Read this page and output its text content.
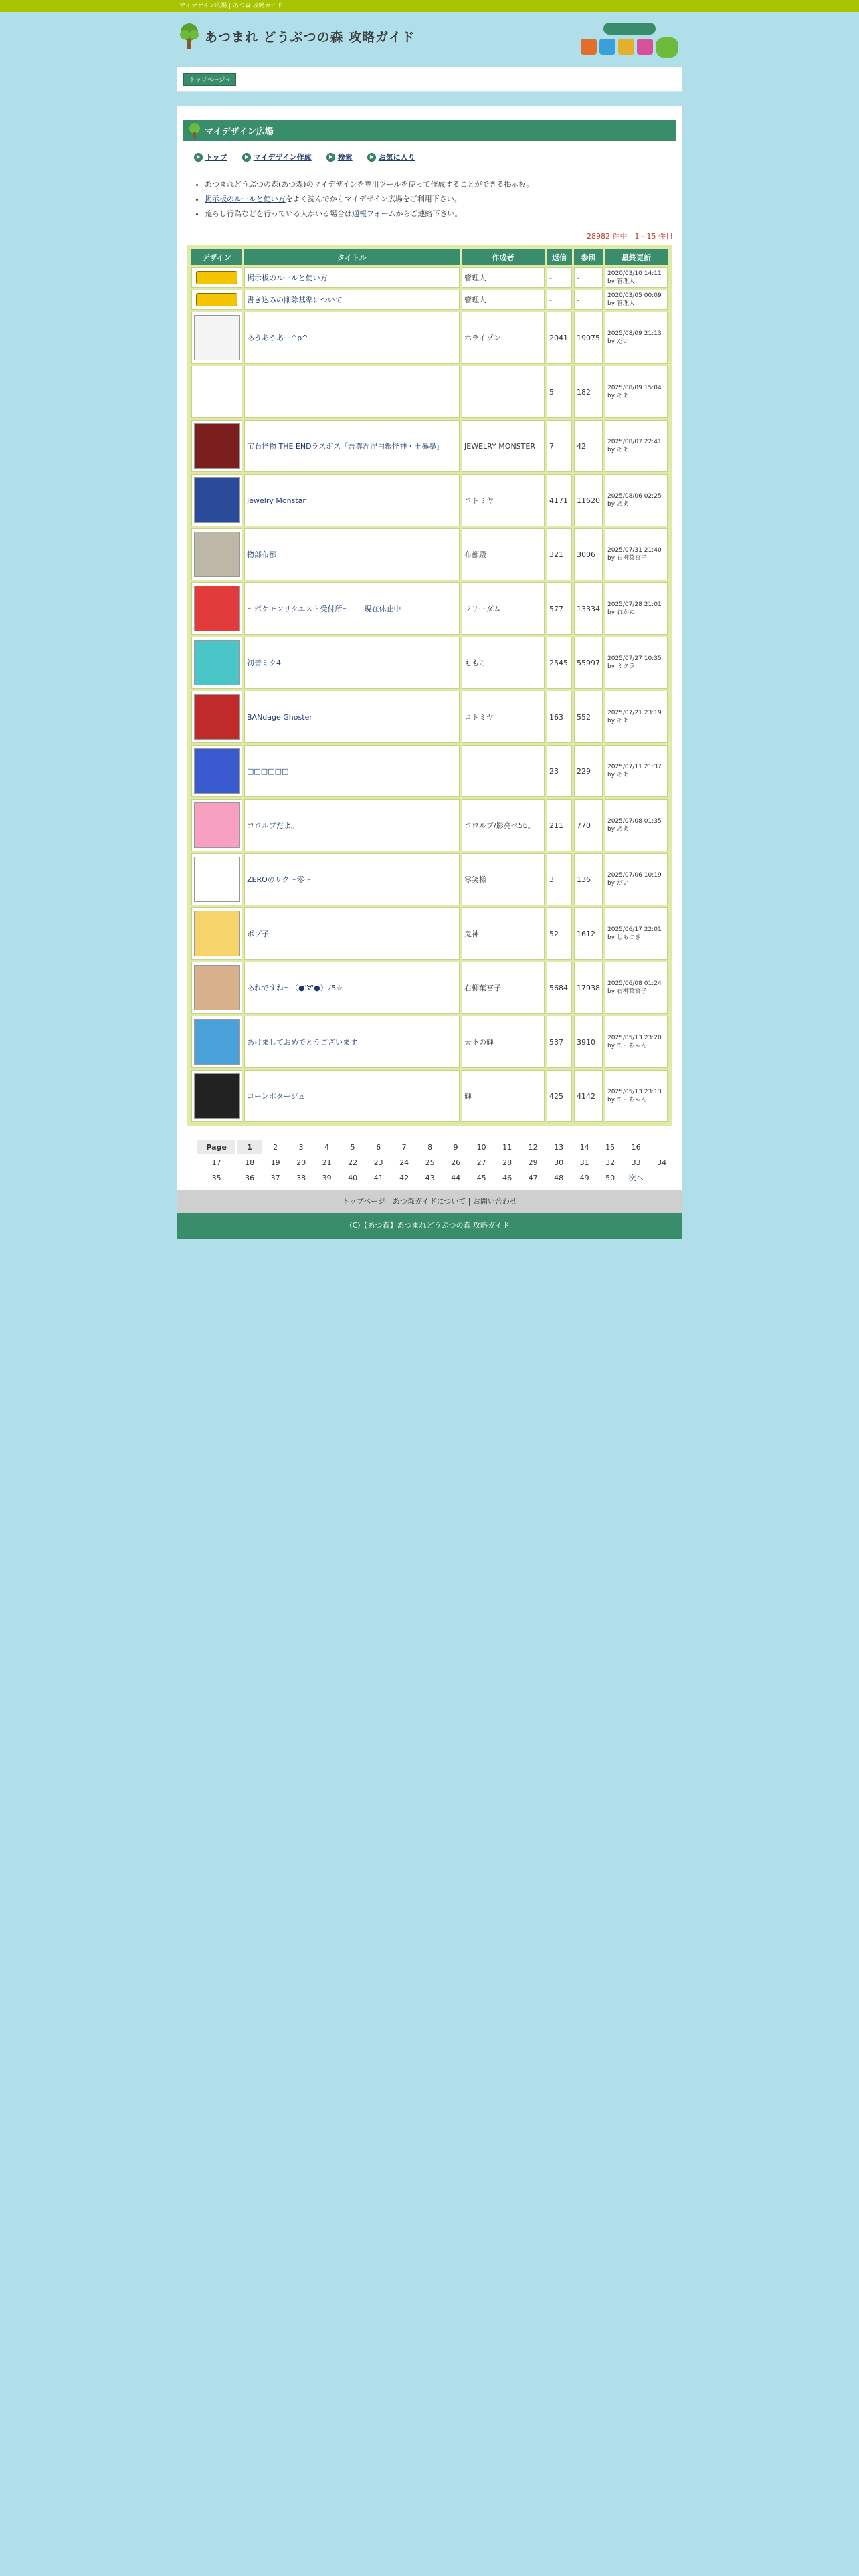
マイデザイン広場 | あつ森 攻略ガイド
あつまれ どうぶつの森 攻略ガイド
トップページ→
マイデザイン広場
トップ	マイデザイン作成	検索	お気に入り
• あつまれどうぶつの森(あつ森)のマイデザインを専用ツールを使って作成することができる掲示板。
• 掲示板のルールと使い方をよく読んでからマイデザイン広場をご利用下さい。
• 荒らし行為などを行っている人がいる場合は通報フォームからご連絡下さい。
28982 件中　1 - 15 件目
デザイン	タイトル	作成者	返信	参照	最終更新

	掲示板のルールと使い方	管理人	-	-	2020/03/10 14:11
by 管理人

	書き込みの削除基準について	管理人	-	-	2020/03/05 00:09
by 管理人

	あうあうあー^p^	ホライゾン	2041	19075	2025/08/09 21:13
by だい

			5	182	2025/08/09 15:04
by ああ

	宝石怪物 THE ENDラスボス「吾尊涅涅白銀怪神・王暴暴」	JEWELRY MONSTER	7	42	2025/08/07 22:41
by ああ

	Jewelry Monstar	コトミヤ	4171	11620	2025/08/06 02:25
by ああ

	物部布都	布都殿	321	3006	2025/07/31 21:40
by 右柳葉宮子

	〜ポケモンリクエスト受付所〜　　現在休止中	フリーダム	577	13334	2025/07/28 21:01
by れかぬ

	初音ミク4	ももこ	2545	55997	2025/07/27 10:35
by ミクラ

	BANdage Ghoster	コトミヤ	163	552	2025/07/21 23:19
by ああ

	□□□□□□		23	229	2025/07/11 21:37
by ああ

	コロルプだよ。	コロルプ/影亮ペ56。	211	770	2025/07/08 01:35
by ああ

	ZEROのリク〜零〜	零笑様	3	136	2025/07/06 10:19
by だい

	ポプ子	鬼神	52	1612	2025/06/17 22:01
by しもつき

	あれですね〜（●'∀'●）ﾉ5☆	右柳葉宮子	5684	17938	2025/06/08 01:24
by 右柳葉宮子

	あけましておめでとうございます	天下の輝	537	3910	2025/05/13 23:20
by てーちゃん

	コーンポタージュ	輝	425	4142	2025/05/13 23:13
by てーちゃん
Page	1	2	3	4	5	6	7	8	9	10	11	12	13	14	15	16	
17	18	19	20	21	22	23	24	25	26	27	28	29	30	31	32	33	34
35	36	37	38	39	40	41	42	43	44	45	46	47	48	49	50	次へ	
トップページ | あつ森ガイドについて | お問い合わせ
(C)【あつ森】あつまれどうぶつの森 攻略ガイド
